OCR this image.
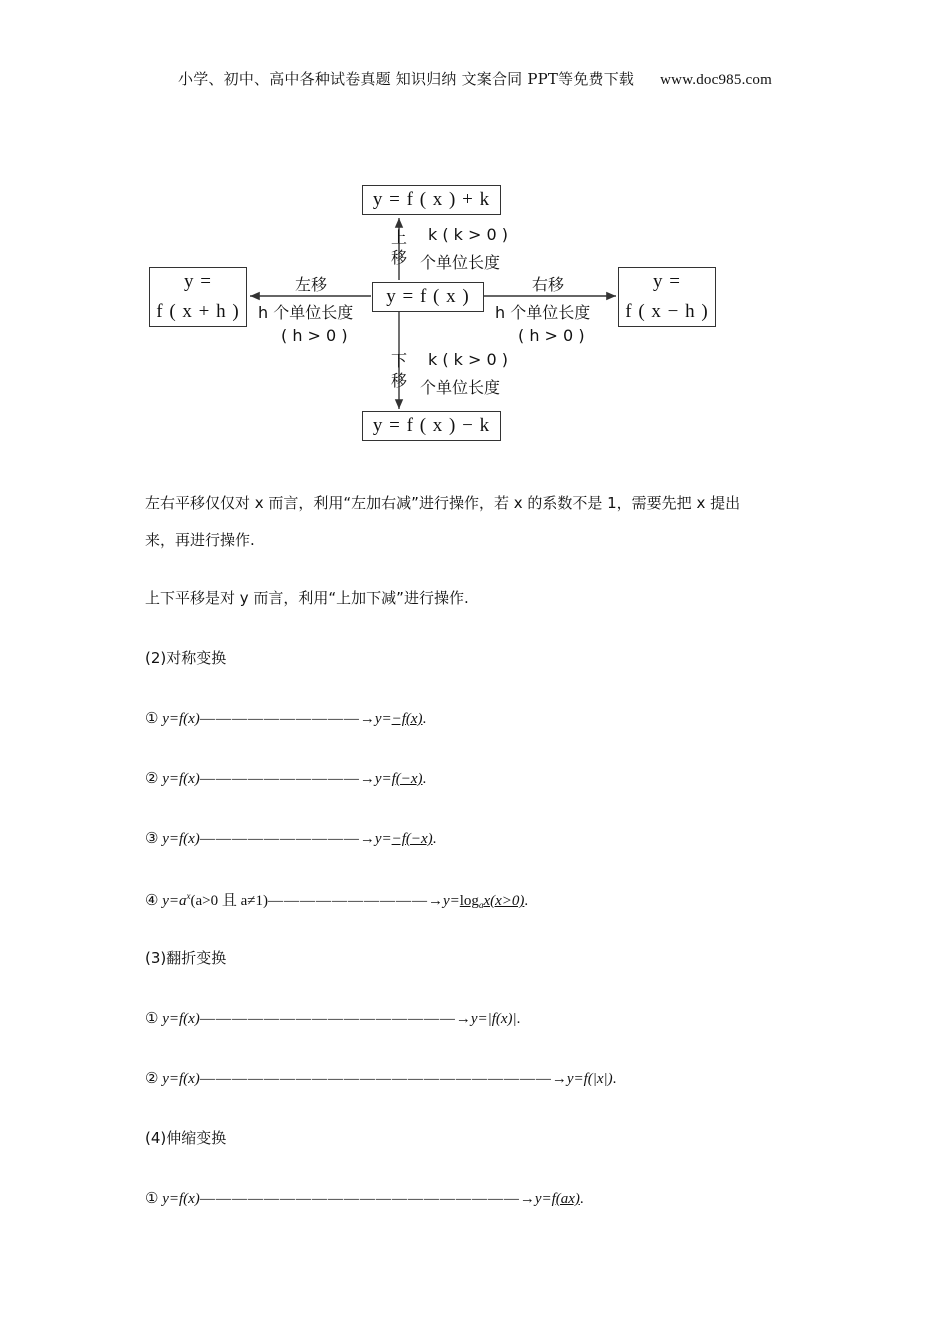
小学、初中、高中各种试卷真题 知识归纳 文案合同 PPT等免费下载 www.doc985.com
y = f ( x ) + k
y = f ( x )
y = f ( x ) − k
y =
f ( x + h )
y =
f ( x − h )
上
移
k ( k > 0 )
个单位长度
下
移
k ( k > 0 )
个单位长度
左移
h 个单位长度
( h > 0 )
右移
h 个单位长度
( h > 0 )
左右平移仅仅对 x 而言，利用“左加右减”进行操作，若 x 的系数不是 1，需要先把 x 提出
来，再进行操作.
上下平移是对 y 而言，利用“上加下减”进行操作.
(2)对称变换
① y=f(x)——————————→y=−f(x).
② y=f(x)——————————→y=f(−x).
③ y=f(x)——————————→y=−f(−x).
④ $y=a^x(a>0$ 且 $a\ne 1)——————————\to y=\log_ax(x>0)$.
(3)翻折变换
① y=f(x)————————————————→y=|f(x)|.
② y=f(x)——————————————————————→y=f(|x|).
(4)伸缩变换
① y=f(x)————————————————————→y=f(ax).
